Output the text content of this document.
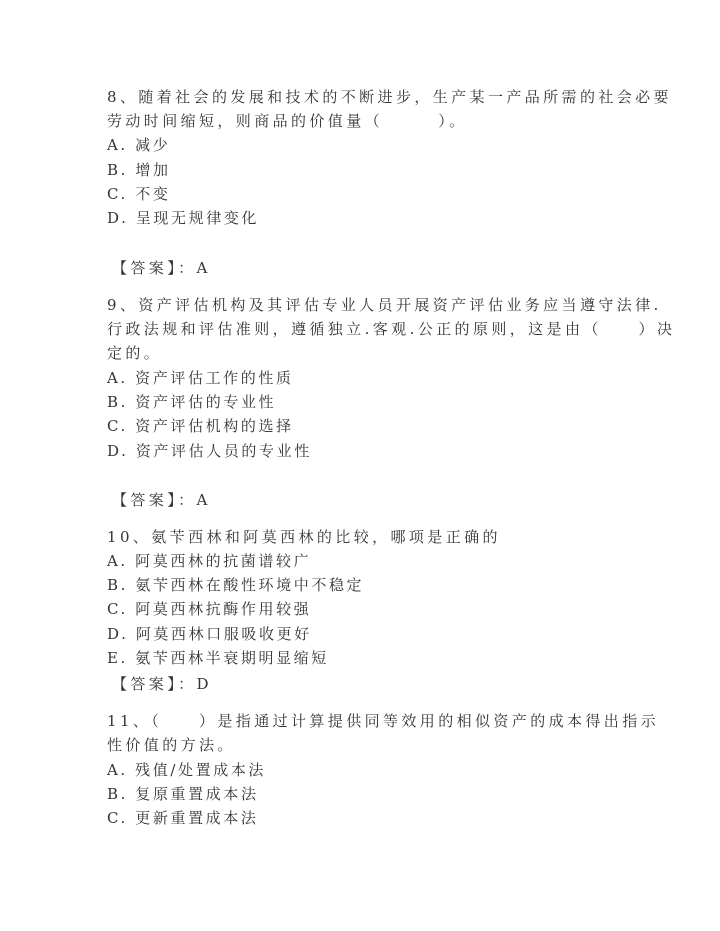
8、随着社会的发展和技术的不断进步，生产某一产品所需的社会必要
劳动时间缩短，则商品的价值量（　　　）。
A. 减少
B. 增加
C. 不变
D. 呈现无规律变化
【答案】：A
9、资产评估机构及其评估专业人员开展资产评估业务应当遵守法律.
行政法规和评估准则，遵循独立.客观.公正的原则，这是由（　　）决
定的。
A. 资产评估工作的性质
B. 资产评估的专业性
C. 资产评估机构的选择
D. 资产评估人员的专业性
【答案】：A
10、氨苄西林和阿莫西林的比较，哪项是正确的
A. 阿莫西林的抗菌谱较广
B. 氨苄西林在酸性环境中不稳定
C. 阿莫西林抗酶作用较强
D. 阿莫西林口服吸收更好
E. 氨苄西林半衰期明显缩短
【答案】：D
11、（　　）是指通过计算提供同等效用的相似资产的成本得出指示
性价值的方法。
A. 残值/处置成本法
B. 复原重置成本法
C. 更新重置成本法
